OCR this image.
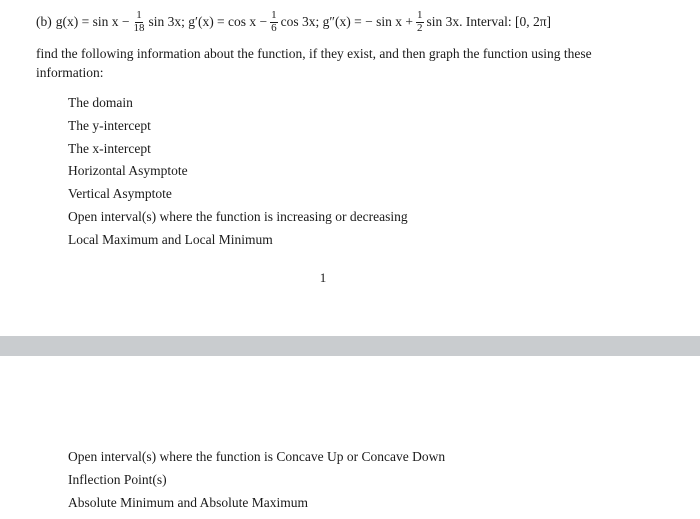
(b) $g(x) = \sin x - \frac{1}{18}$ sin 3x; $g'(x) = \cos x - \frac{1}{6}$ cos 3x; g″(x) = − $\sin x + \frac{1}{2}$ sin 3x. Interval: [0, 2π]
find the following information about the function, if they exist, and then graph the function using these information:
The domain
The y-intercept
The x-intercept
Horizontal Asymptote
Vertical Asymptote
Open interval(s) where the function is increasing or decreasing
Local Maximum and Local Minimum
1
Open interval(s) where the function is Concave Up or Concave Down
Inflection Point(s)
Absolute Minimum and Absolute Maximum
